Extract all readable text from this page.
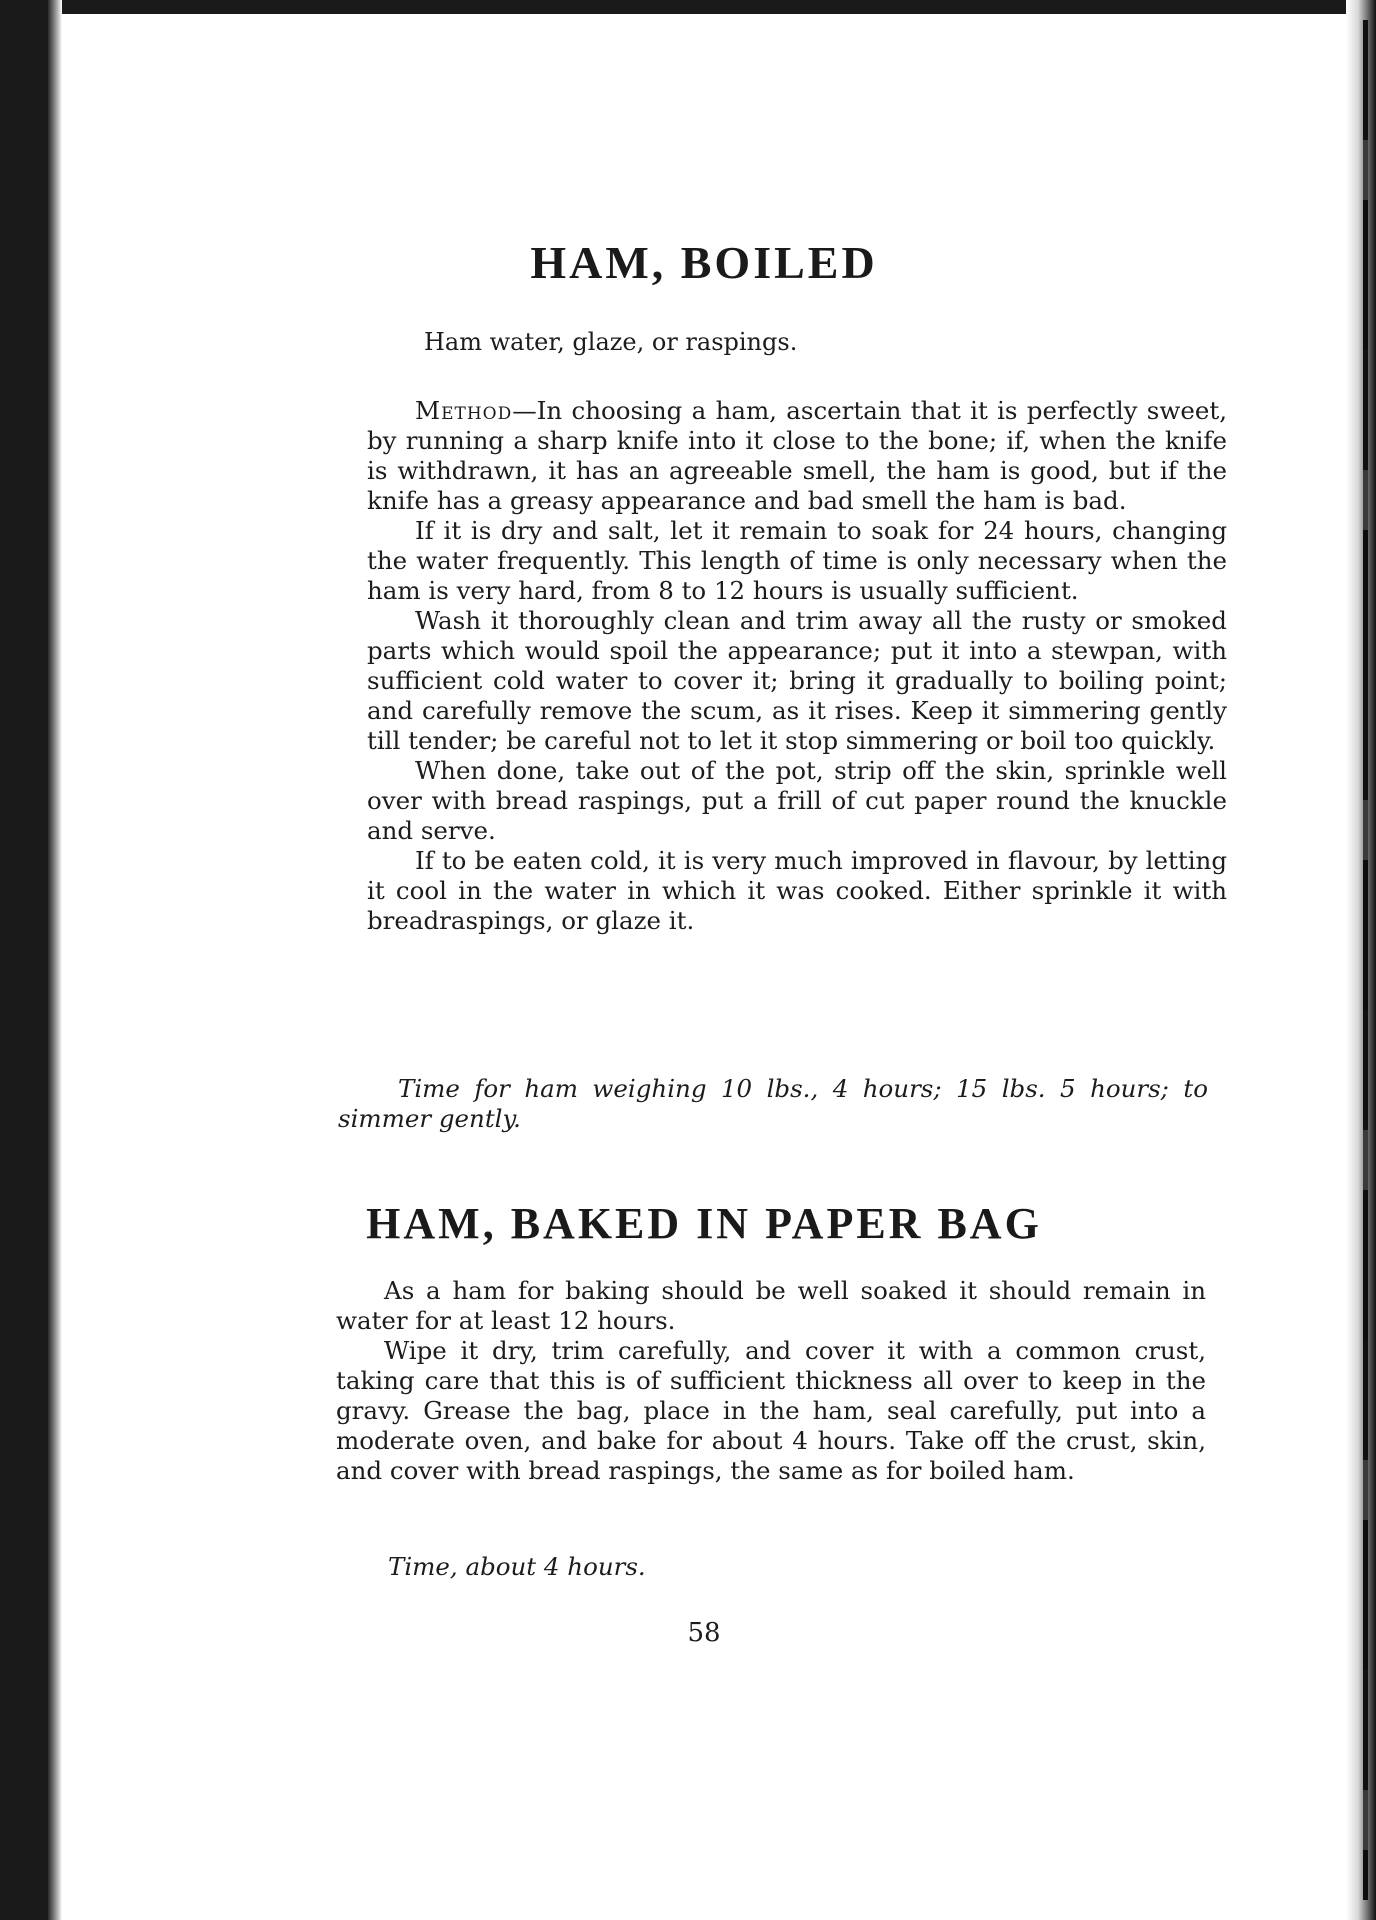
HAM, BOILED

Ham water, glaze, or raspings.

Method—In choosing a ham, ascertain that it is perfectly sweet, by running a sharp knife into it close to the bone; if, when the knife is withdrawn, it has an agreeable smell, the ham is good, but if the knife has a greasy appearance and bad smell the ham is bad.

If it is dry and salt, let it remain to soak for 24 hours, changing the water frequently. This length of time is only necessary when the ham is very hard, from 8 to 12 hours is usually sufficient.

Wash it thoroughly clean and trim away all the rusty or smoked parts which would spoil the appearance; put it into a stewpan, with sufficient cold water to cover it; bring it gradually to boiling point; and carefully remove the scum, as it rises. Keep it simmering gently till tender; be careful not to let it stop simmering or boil too quickly.

When done, take out of the pot, strip off the skin, sprinkle well over with bread raspings, put a frill of cut paper round the knuckle and serve.

If to be eaten cold, it is very much improved in flavour, by letting it cool in the water in which it was cooked. Either sprinkle it with breadraspings, or glaze it.

Time for ham weighing 10 lbs., 4 hours; 15 lbs. 5 hours; to simmer gently.

HAM, BAKED IN PAPER BAG

As a ham for baking should be well soaked it should remain in water for at least 12 hours.

Wipe it dry, trim carefully, and cover it with a common crust, taking care that this is of sufficient thickness all over to keep in the gravy. Grease the bag, place in the ham, seal carefully, put into a moderate oven, and bake for about 4 hours. Take off the crust, skin, and cover with bread raspings, the same as for boiled ham.

Time, about 4 hours.

58
